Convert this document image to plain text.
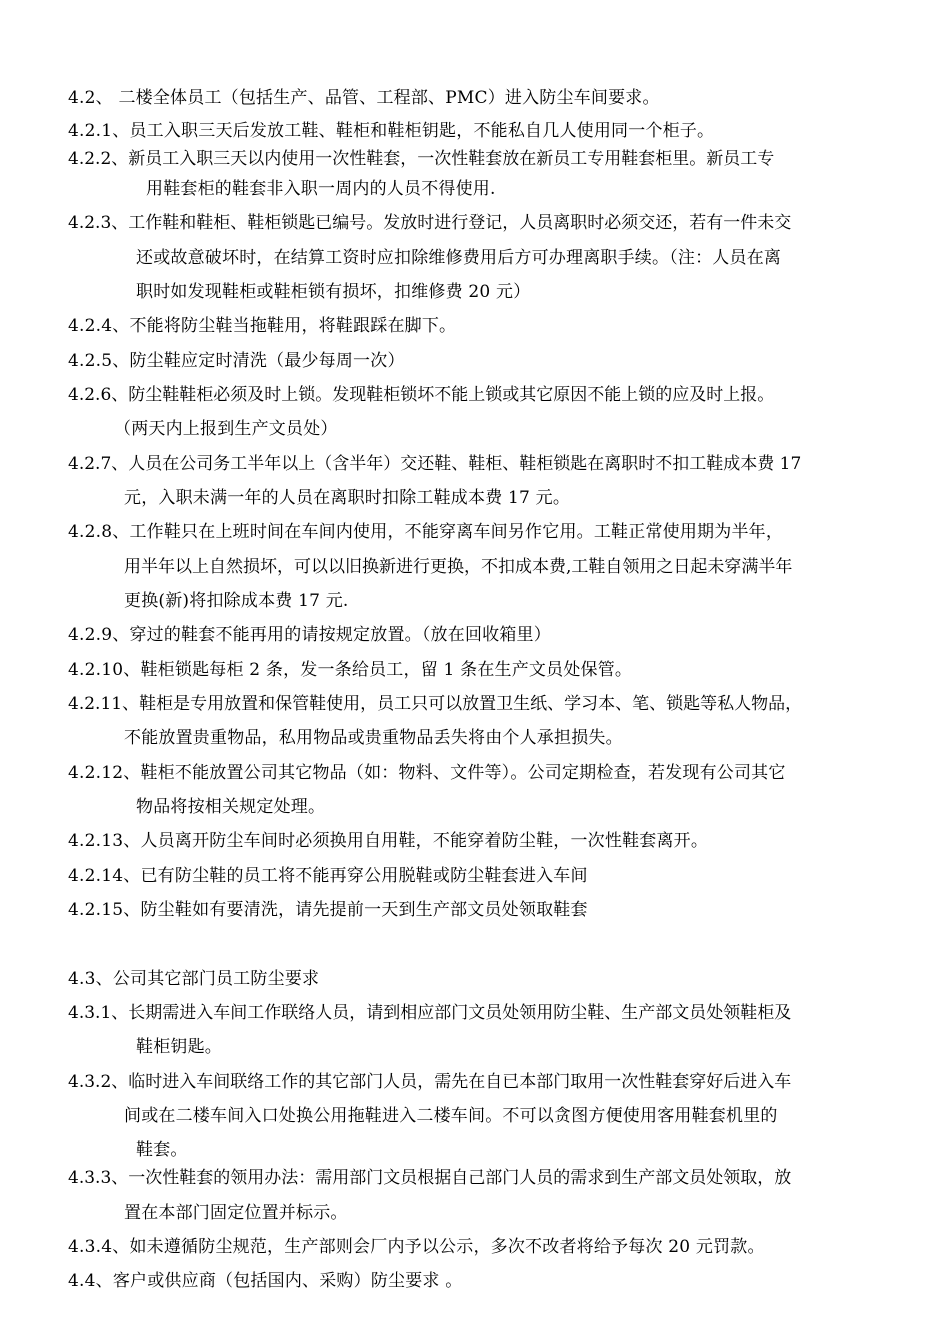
4.2、 二楼全体员工（包括生产、品管、工程部、PMC）进入防尘车间要求。
4.2.1、员工入职三天后发放工鞋、鞋柜和鞋柜钥匙，不能私自几人使用同一个柜子。
4.2.2、新员工入职三天以内使用一次性鞋套，一次性鞋套放在新员工专用鞋套柜里。新员工专
用鞋套柜的鞋套非入职一周内的人员不得使用.
4.2.3、工作鞋和鞋柜、鞋柜锁匙已编号。发放时进行登记，人员离职时必须交还，若有一件未交
还或故意破坏时，在结算工资时应扣除维修费用后方可办理离职手续。（注：人员在离
职时如发现鞋柜或鞋柜锁有损坏，扣维修费 20 元）
4.2.4、不能将防尘鞋当拖鞋用，将鞋跟踩在脚下。
4.2.5、防尘鞋应定时清洗（最少每周一次）
4.2.6、防尘鞋鞋柜必须及时上锁。发现鞋柜锁坏不能上锁或其它原因不能上锁的应及时上报。
（两天内上报到生产文员处）
4.2.7、人员在公司务工半年以上（含半年）交还鞋、鞋柜、鞋柜锁匙在离职时不扣工鞋成本费 17
元，入职未满一年的人员在离职时扣除工鞋成本费 17 元。
4.2.8、工作鞋只在上班时间在车间内使用，不能穿离车间另作它用。工鞋正常使用期为半年，
用半年以上自然损坏，可以以旧换新进行更换，不扣成本费,工鞋自领用之日起未穿满半年
更换(新)将扣除成本费 17 元.
4.2.9、穿过的鞋套不能再用的请按规定放置。（放在回收箱里）
4.2.10、鞋柜锁匙每柜 2 条，发一条给员工，留 1 条在生产文员处保管。
4.2.11、鞋柜是专用放置和保管鞋使用，员工只可以放置卫生纸、学习本、笔、锁匙等私人物品，
不能放置贵重物品，私用物品或贵重物品丢失将由个人承担损失。
4.2.12、鞋柜不能放置公司其它物品（如：物料、文件等）。公司定期检查，若发现有公司其它
物品将按相关规定处理。
4.2.13、人员离开防尘车间时必须换用自用鞋，不能穿着防尘鞋，一次性鞋套离开。
4.2.14、已有防尘鞋的员工将不能再穿公用脱鞋或防尘鞋套进入车间
4.2.15、防尘鞋如有要清洗，请先提前一天到生产部文员处领取鞋套
4.3、公司其它部门员工防尘要求
4.3.1、长期需进入车间工作联络人员，请到相应部门文员处领用防尘鞋、生产部文员处领鞋柜及
鞋柜钥匙。
4.3.2、临时进入车间联络工作的其它部门人员，需先在自已本部门取用一次性鞋套穿好后进入车
间或在二楼车间入口处换公用拖鞋进入二楼车间。不可以贪图方便使用客用鞋套机里的
鞋套。
4.3.3、一次性鞋套的领用办法：需用部门文员根据自己部门人员的需求到生产部文员处领取，放
置在本部门固定位置并标示。
4.3.4、如未遵循防尘规范，生产部则会厂内予以公示，多次不改者将给予每次 20 元罚款。
4.4、客户或供应商（包括国内、采购）防尘要求 。
